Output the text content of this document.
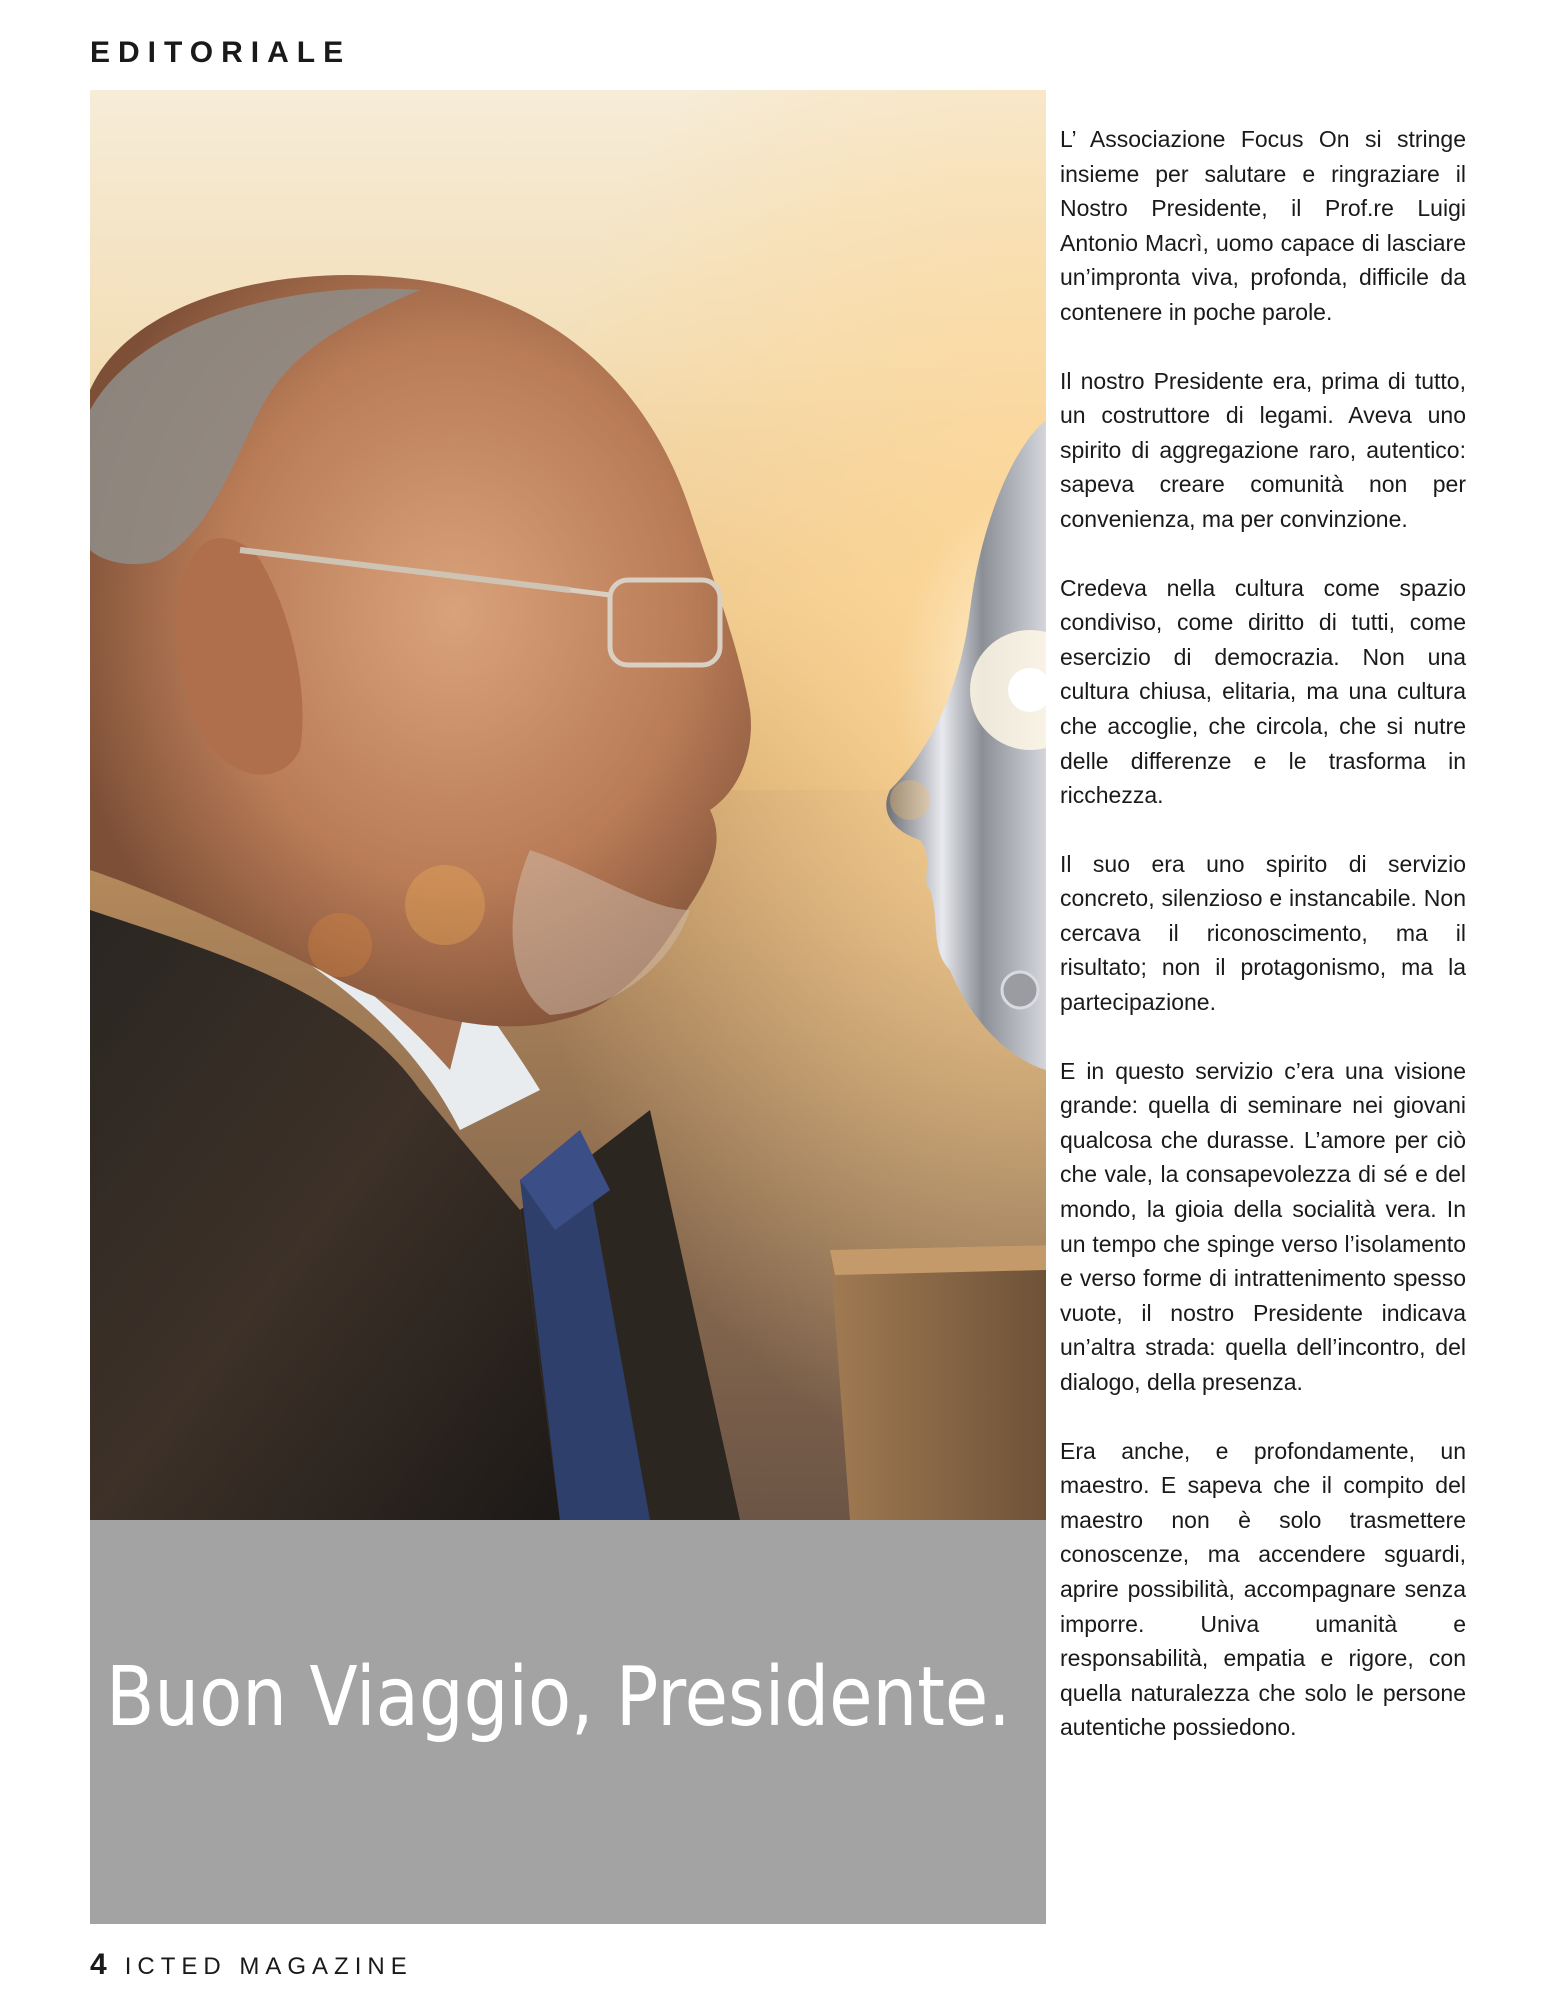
EDITORIALE
Buon Viaggio, Presidente.

L’ Associazione Focus On si stringe insieme per salutare e ringraziare il Nostro Presidente, il Prof.re Luigi Antonio Macrì, uomo capace di lasciare un’impronta viva, profonda, difficile da contenere in poche parole.

Il nostro Presidente era, prima di tutto, un costruttore di legami. Aveva uno spirito di aggregazione raro, autentico: sapeva creare comunità non per convenienza, ma per convinzione.

Credeva nella cultura come spazio condiviso, come diritto di tutti, come esercizio di democrazia. Non una cultura chiusa, elitaria, ma una cultura che accoglie, che circola, che si nutre delle differenze e le trasforma in ricchezza.

Il suo era uno spirito di servizio concreto, silenzioso e instancabile. Non cercava il riconoscimento, ma il risultato; non il protagonismo, ma la partecipazione.

E in questo servizio c’era una visione grande: quella di seminare nei giovani qualcosa che durasse. L’amore per ciò che vale, la consapevolezza di sé e del mondo, la gioia della socialità vera. In un tempo che spinge verso l’isolamento e verso forme di intrattenimento spesso vuote, il nostro Presidente indicava un’altra strada: quella dell’incontro, del dialogo, della presenza.

Era anche, e profondamente, un maestro. E sapeva che il compito del maestro non è solo trasmettere conoscenze, ma accendere sguardi, aprire possibilità, accompagnare senza imporre. Univa umanità e responsabilità, empatia e rigore, con quella naturalezza che solo le persone autentiche possiedono.

4 ICTED MAGAZINE
